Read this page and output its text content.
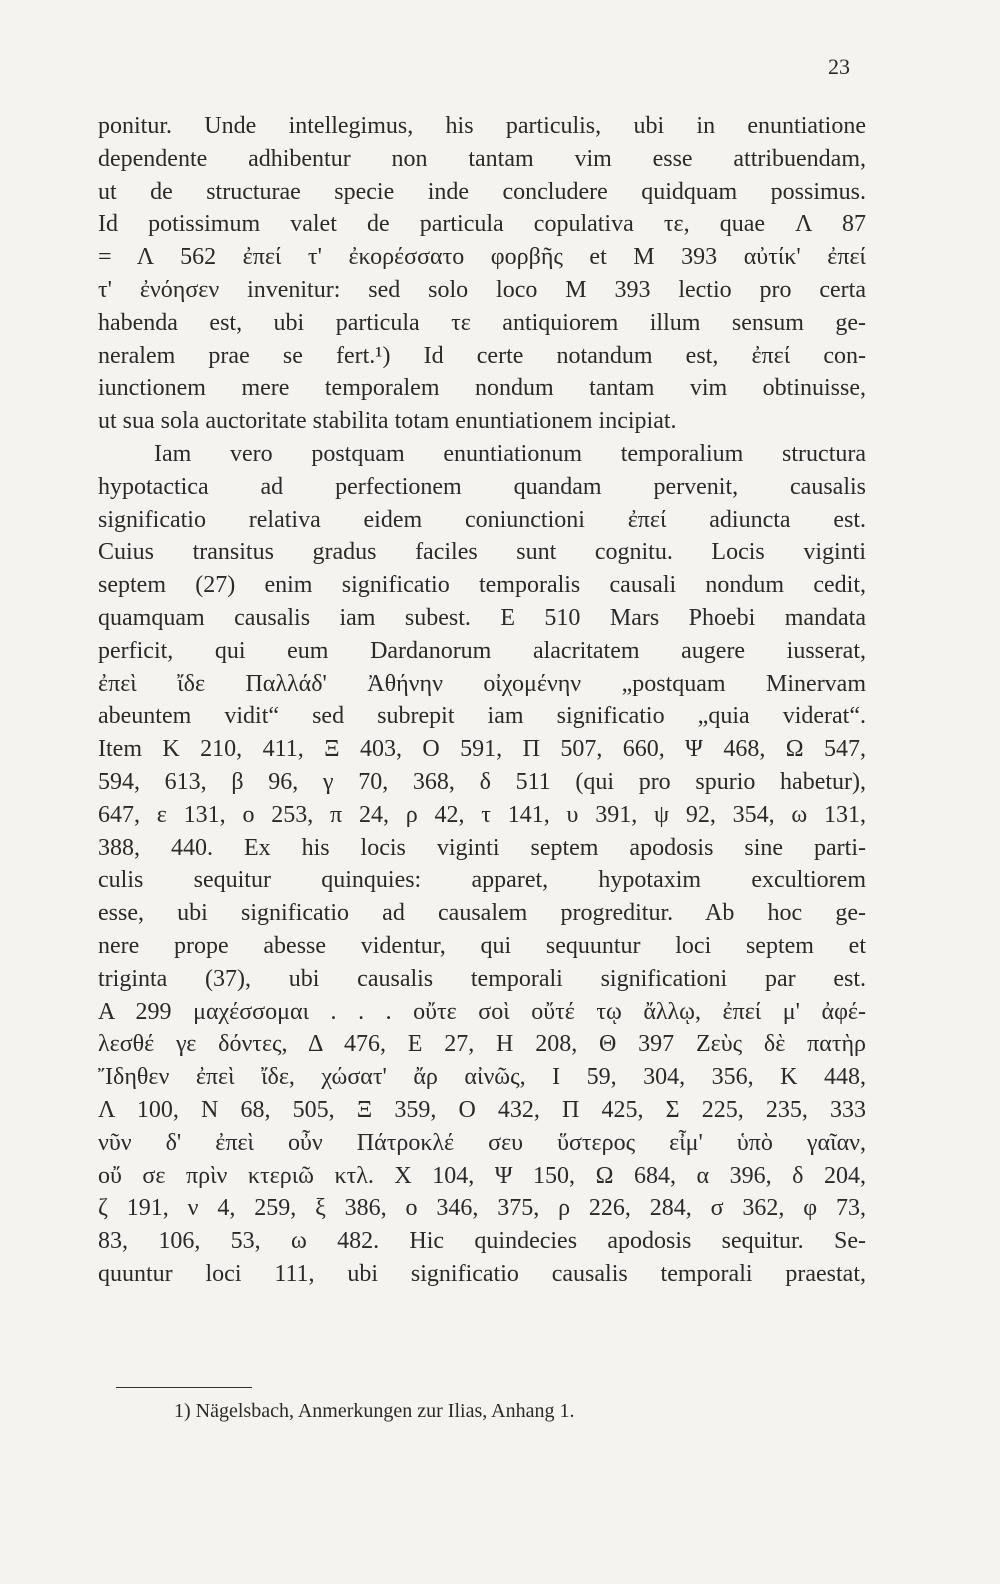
23
ponitur. Unde intellegimus, his particulis, ubi in enuntiatione
dependente adhibentur non tantam vim esse attribuendam,
ut de structurae specie inde concludere quidquam possimus.
Id potissimum valet de particula copulativa τε, quae Λ 87
= Λ 562 ἐπεί τ' ἐκορέσσατο φορβῆς et M 393 αὐτίκ' ἐπεί
τ' ἐνόησεν invenitur: sed solo loco M 393 lectio pro certa
habenda est, ubi particula τε antiquiorem illum sensum ge-
neralem prae se fert.¹) Id certe notandum est, ἐπεί con-
iunctionem mere temporalem nondum tantam vim obtinuisse,
ut sua sola auctoritate stabilita totam enuntiationem incipiat.
Iam vero postquam enuntiationum temporalium structura
hypotactica ad perfectionem quandam pervenit, causalis
significatio relativa eidem coniunctioni ἐπεί adiuncta est.
Cuius transitus gradus faciles sunt cognitu. Locis viginti
septem (27) enim significatio temporalis causali nondum cedit,
quamquam causalis iam subest. E 510 Mars Phoebi mandata
perficit, qui eum Dardanorum alacritatem augere iusserat,
ἐπεὶ ἴδε Παλλάδ' Ἀθήνην οἰχομένην „postquam Minervam
abeuntem vidit“ sed subrepit iam significatio „quia viderat“.
Item K 210, 411, Ξ 403, O 591, Π 507, 660, Ψ 468, Ω 547,
594, 613, β 96, γ 70, 368, δ 511 (qui pro spurio habetur),
647, ε 131, ο 253, π 24, ρ 42, τ 141, υ 391, ψ 92, 354, ω 131,
388, 440. Ex his locis viginti septem apodosis sine parti-
culis sequitur quinquies: apparet, hypotaxim excultiorem
esse, ubi significatio ad causalem progreditur. Ab hoc ge-
nere prope abesse videntur, qui sequuntur loci septem et
triginta (37), ubi causalis temporali significationi par est.
Α 299 μαχέσσομαι . . . οὔτε σοὶ οὔτέ τῳ ἄλλῳ, ἐπεί μ' ἀφέ-
λεσθέ γε δόντες, Δ 476, E 27, H 208, Θ 397 Ζεὺς δὲ πατὴρ
Ἴδηθεν ἐπεὶ ἴδε, χώσατ' ἄρ αἰνῶς, I 59, 304, 356, K 448,
Λ 100, N 68, 505, Ξ 359, O 432, Π 425, Σ 225, 235, 333
νῦν δ' ἐπεὶ οὖν Πάτροκλέ σευ ὕστερος εἶμ' ὑπὸ γαῖαν,
οὔ σε πρὶν κτεριῶ κτλ. X 104, Ψ 150, Ω 684, α 396, δ 204,
ζ 191, ν 4, 259, ξ 386, ο 346, 375, ρ 226, 284, σ 362, φ 73,
83, 106, 53, ω 482. Hic quindecies apodosis sequitur. Se-
quuntur loci 111, ubi significatio causalis temporali praestat,
1) Nägelsbach, Anmerkungen zur Ilias, Anhang 1.
